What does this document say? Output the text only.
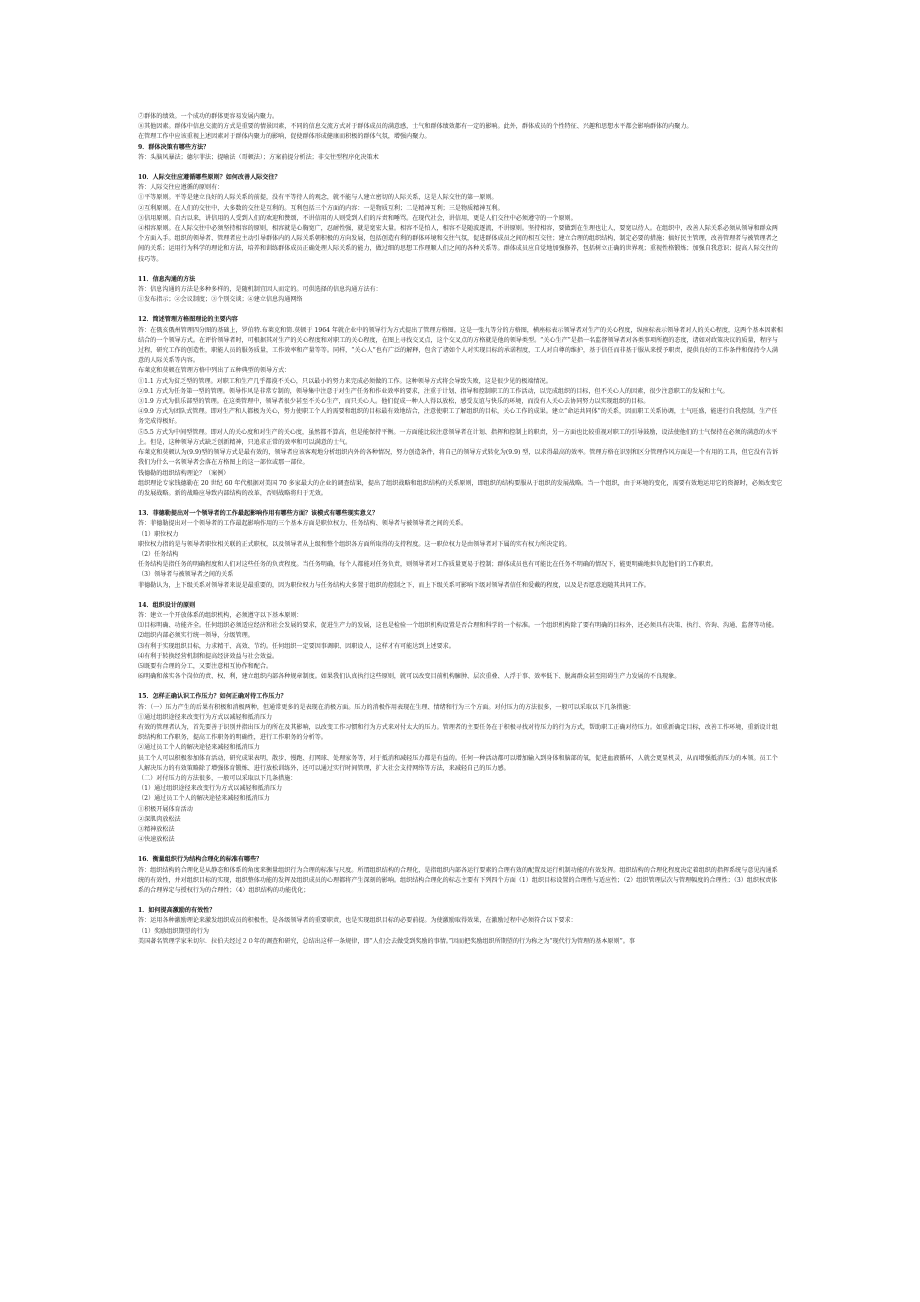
⑦群体的绩效。一个成功的群体更容易发展内聚力。
⑧其他因素。群体中信息交流的方式是重要的情景因素，不同的信息交流方式对于群体成员的满意感，士气和群体绩效都有一定的影响。此外，群体成员的个性特征、兴趣和思想水平都会影响群体的内聚力。
在管理工作中应该重视上述因素对于群体内聚力的影响，促使群体形成健康而积极的群体气氛，增强内聚力。
9．群体决策有哪些方法？
答：头脑风暴法；德尔菲法；提喻法（哥顿法）；方案前提分析法；非交往型程序化决策术
10．人际交往应遵循哪些原则？如何改善人际交往？
答：人际交往应遵循的原则有：
①平等原则。平等是建立良好的人际关系的前提，没有平等待人的观念，就不能与人建立密切的人际关系，这是人际交往的第一原则。
②互利原则。在人们的交往中，大多数的交往是互利的。互利包括三个方面的内容：一是物质互利；二是精神互利；三是物质精神互利。
③信用原则。自古以来，讲信用的人受到人们的欢迎和赞颂，不讲信用的人则受到人们的斥责和唾骂。在现代社会，讲信用，更是人们交往中必须遵守的一个原则。
④相容原则。在人际交往中必须坚持相容的原则，相容就是心胸宽广，忍耐性强，就是宽宏大量。相容不是怕人，相容不是随波逐流，不讲原则。坚持相容，要做到在生理也让人，要宽以待人。在组织中，改善人际关系必须从领导和群众两个方面入手。组织的领导者、管理者应主动引导群体内的人际关系朝积极的方向发展，包括创造有利的群体环境和交往气氛，促进群体成员之间的相互交往；建立合理的组织结构，制定必要的措施；搞好民主管理，改善管理者与被管理者之间的关系；运用行为科学的理论和方法，培养和训练群体成员正确处理人际关系的能力，做过细的思想工作理顺人们之间的各种关系等。群体成员应自觉地加强修养，包括树立正确的世界观；重视性格锻炼；加强自我意识；提高人际交往的技巧等。
11．信息沟通的方法
答：信息沟通的方法是多种多样的，是随机制宜因人而定的。可供选择的信息沟通方法有：
①发布指示；②会议制度；③个别交谈；④建立信息沟通网络
12．简述管理方格图理论的主要内容
答：在俄亥俄州管理四分图的基础上，罗伯特.布莱克和简.莫顿于 1964 年就企业中的领导行为方式提出了管理方格图。这是一张九等分的方格图，横座标表示领导者对生产的关心程度，纵座标表示领导者对人的关心程度，这两个基本因素相结合的一个领导方式。在评价领导者时，可根据其对生产的关心程度和对职工的关心程度，在图上寻找交叉点，这个交叉点的方格就是他的领导类型。“关心生产”是指一名监督领导者对各类事项所抱的态度，诸如对政策决议的质量，程序与过程，研究工作的创造性，职能人员的服务质量，工作效率和产量等等。同样，“关心人”也有广泛的解释，包含了诸如个人对实现目标的承诺程度，工人对自尊的维护，基于信任而非基于服从来授予职责，提供良好的工作条件和保持令人满意的人际关系等内容。
布莱克和莫顿在管理方格中列出了五种典型的领导方式：
①1.1 方式为贫乏型的管理。对职工和生产几乎都漠不关心，只以最小的努力来完成必须做的工作。这种领导方式将会导致失败，这是很少见的极端情况。
②9.1 方式为任务第一型的管理。领导作风是非常专制的，领导集中注意于对生产任务和作业效率的要求，注重于计划、指导和控制职工的工作活动，以完成组织的目标，但不关心人的因素，很少注意职工的发展和士气。
③1.9 方式为俱乐部型的管理。在这类管理中，领导者很少甚至不关心生产，而只关心人。他们促成一种人人得以放松，感受友谊与快乐的环境，而没有人关心去协同努力以实现组织的目标。
④9.9 方式为团队式管理。即对生产和人都极为关心，努力使职工个人的需要和组织的目标最有效地结合，注意使职工了解组织的目标，关心工作的成果。建立“命运共同体”的关系，因而职工关系协调，士气旺盛，能进行自我控制，生产任务完成得极好。
⑤5.5 方式为中间型管理。即对人的关心度和对生产的关心度，虽然都不算高，但是能保持平衡。一方面能比较注意领导者在计划、指挥和控制上的职责，另一方面也比较重视对职工的引导鼓励，设法使他们的士气保持在必须的满意的水平上。但是，这种领导方式缺乏创新精神，只追求正常的效率和可以满意的士气。
布莱克和莫顿认为(9.9)型的领导方式是最有效的，领导者应该客观地分析组织内外的各种情况，努力创造条件，将自己的领导方式转化为(9.9) 型，以求得最高的效率。管理方格在识别和区分管理作风方面是一个有用的工具，但它没有告诉我们为什么一名领导者会落在方格图上的这一部位或那一部位。
钱德勒的组织结构理论？（案例）
组织理论专家钱德勒在 20 世纪 60 年代根据对美国 70 多家最大的企业的调查结果，提出了组织战略和组织结构的关系原则，即组织的结构要服从于组织的发展战略。当一个组织，由于环境的变化，需要有效地运用它的资源时，必须改变它的发展战略。新的战略应导致内部结构的改革，否则战略将归于无效。
13．菲德勒提出对一个领导者的工作最起影响作用有哪些方面？该模式有哪些现实意义？
答：菲德勒提出对一个领导者的工作最起影响作用的三个基本方面是职位权力、任务结构、领导者与被领导者之间的关系。
（1）职位权力
职位权力指的是与领导者职位相关联的正式职权，以及领导者从上级和整个组织各方面所取得的支持程度。这一职位权力是由领导者对下属的实有权力所决定的。
（2）任务结构
任务结构是指任务的明确程度和人们对这些任务的负责程度。当任务明确，每个人都能对任务负责，则领导者对工作质量更易于控制；群体成员也有可能比在任务不明确的情况下，能更明确地担负起他们的工作职责。
（3）领导者与被领导者之间的关系
菲德勒认为，上下级关系对领导者来说是最重要的，因为职位权力与任务结构大多置于组织的控制之下，而上下级关系可影响下级对领导者信任和爱戴的程度，以及是否愿意追随其共同工作。
14．组织设计的原则
答：建立一个开放体系的组织机构，必须遵守以下基本原则：
⑴目标明确、功能齐全。任何组织必须适应经济和社会发展的要求，促进生产力的发展，这也是检验一个组织机构设置是否合理和科学的一个标准。一个组织机构除了要有明确的目标外，还必须具有决策、执行、咨询、沟通、监督等功能。
⑵组织内部必须实行统一领导，分级管理。
⑶有利于实现组织目标，力求精干、高效、节约。任何组织一定要因事调职、因职设人，这样才有可能达到上述要求。
⑷有利于转换经营机制和提高经济效益与社会效益。
⑸既要有合理的分工，又要注意相互协作和配合。
⑹明确和落实各个岗位的责、权、利，建立组织内部各种规章制度。如果我们认真执行这些原则，就可以改变目前机构臃肿、层次重叠、人浮于事、效率低下、脱离群众甚至阻碍生产力发展的不良现象。
15．怎样正确认识工作压力？如何正确对待工作压力？
答：（一）压力产生的后果有积极和消极两种，但通常更多的是表现在消极方面。压力的消极作用表现在生理、情绪和行为三个方面。对付压力的方法很多，一般可以采取以下几条措施：
①通过组织途径来改变行为方式以减轻和抵消压力
有效的管理者认为，首先要善于识别并指出压力的所在及其影响，以改变工作习惯和行为方式来对付太大的压力。管理者的主要任务在于积极寻找对待压力的行为方式，帮助职工正确对待压力。如重新确定目标，改善工作环境，重新设计组织结构和工作职务，提高工作职务的明确性，进行工作职务的分析等。
②通过员工个人的解决途径来减轻和抵消压力
员工个人可以积极参加体育活动，研究成果表明，散步、慢跑、打网球、处理家务等，对于抵消和减轻压力都是有益的。任何一种活动都可以增加输入到身体和脑部的氧，促进血液循环，人就会更显机灵，从而增强抵消压力的本领。员工个人解决压力的有效策略除了增强体育锻炼、进行放松训练外，还可以通过实行时间管理，扩大社会支持网络等方法，来减轻自己的压力感。
（二）对付压力的方法很多，一般可以采取以下几条措施：
（1）通过组织途径来改变行为方式以减轻和抵消压力
（2）通过员工个人的解决途径来减轻和抵消压力
①积极开展体育活动
②深肌肉放松法
③精神放松法
④快速放松法
16．衡量组织行为结构合理化的标准有哪些？
答：组织结构的合理化是从静态和体系的角度来衡量组织行为合理的标准与尺度。所谓组织结构的合理化，是指组织内部各运行要素的合理有效的配置及运行机制功能的有效发挥。组织结构的合理化程度决定着组织的指挥系统与意见沟通系统的有效性，并对组织目标的实现，组织整体功能的发挥及组织成员的心理都将产生深刻的影响。组织结构合理化的标志主要有下列四个方面（1）组织目标设置的合理性与适应性；（2）组织管理层次与管理幅度的合理性；（3）组织权责体系的合理界定与授权行为的合理性；（4）组织结构的功能优化；
1．如何提高激励的有效性？
答：运用各种激励理论来激发组织成员的积极性，是各级领导者的重要职责，也是实现组织目标的必要前提。为使激励取得效果，在激励过程中必须符合以下要求：
（1）奖励组织期望的行为
美国著名管理学家米切尔．拉伯夫经过２０年的调查和研究，总结出这样一条规律，即“人们会去做受到奖励的事情。”因而把奖励组织所期望的行为称之为“现代行为管理的基本原则”。事
